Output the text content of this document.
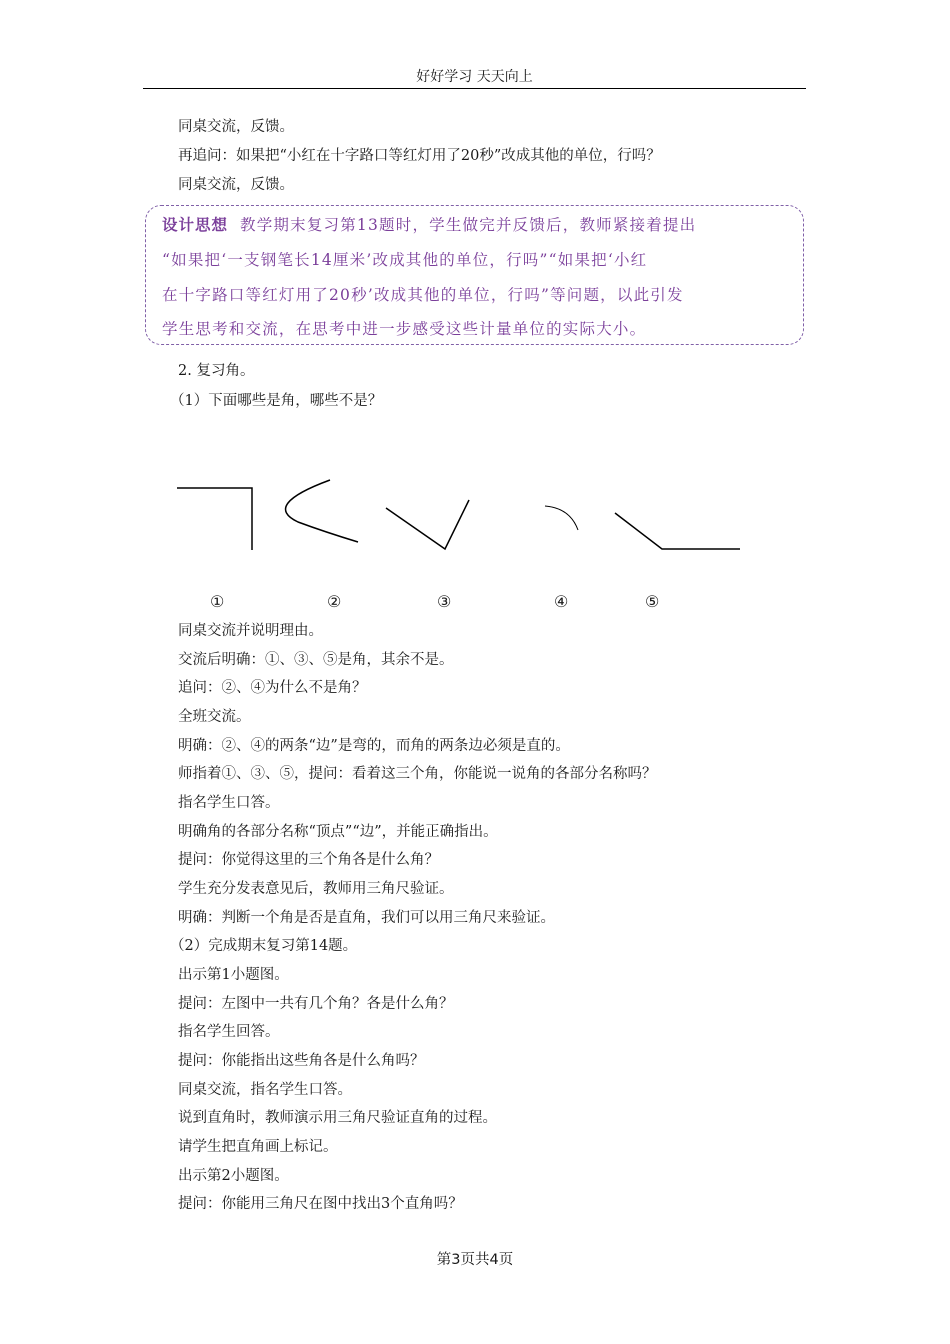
好好学习 天天向上
同桌交流，反馈。
再追问：如果把“小红在十字路口等红灯用了20秒”改成其他的单位，行吗？
同桌交流，反馈。
设计思想 教学期末复习第13题时，学生做完并反馈后，教师紧接着提出
“如果把‘一支钢笔长14厘米’改成其他的单位，行吗”“如果把‘小红
在十字路口等红灯用了20秒’改成其他的单位，行吗”等问题，以此引发
学生思考和交流，在思考中进一步感受这些计量单位的实际大小。
2. 复习角。
（1）下面哪些是角，哪些不是？
①	②	③	④	⑤
同桌交流并说明理由。
交流后明确：①、③、⑤是角，其余不是。
追问：②、④为什么不是角？
全班交流。
明确：②、④的两条“边”是弯的，而角的两条边必须是直的。
师指着①、③、⑤，提问：看着这三个角，你能说一说角的各部分名称吗？
指名学生口答。
明确角的各部分名称“顶点”“边”，并能正确指出。
提问：你觉得这里的三个角各是什么角？
学生充分发表意见后，教师用三角尺验证。
明确：判断一个角是否是直角，我们可以用三角尺来验证。
（2）完成期末复习第14题。
出示第1小题图。
提问：左图中一共有几个角？各是什么角？
指名学生回答。
提问：你能指出这些角各是什么角吗？
同桌交流，指名学生口答。
说到直角时，教师演示用三角尺验证直角的过程。
请学生把直角画上标记。
出示第2小题图。
提问：你能用三角尺在图中找出3个直角吗？
第3页共4页
